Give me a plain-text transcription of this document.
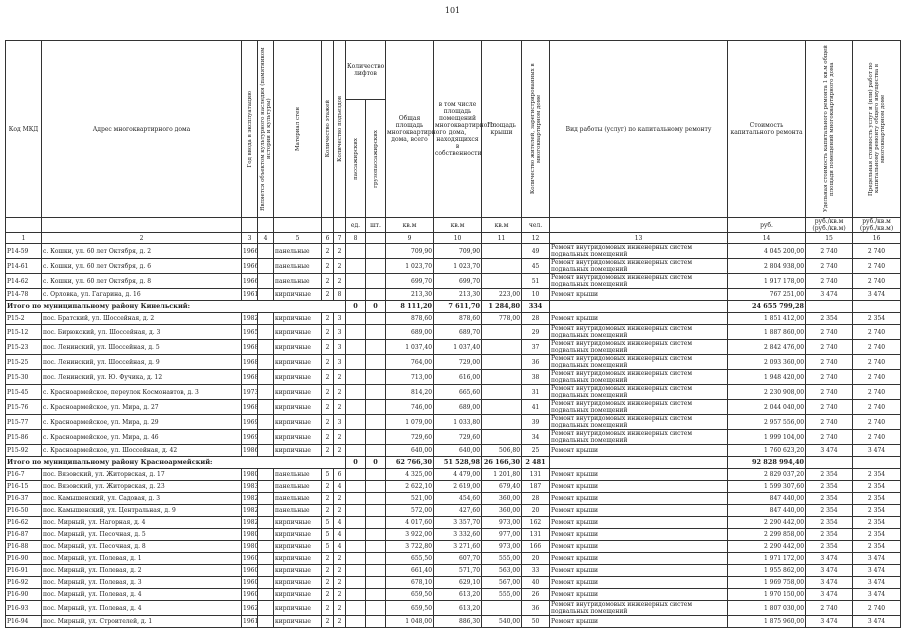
101
Код МКД	Адрес многоквартирного дома	Год ввода в эксплуатацию	Является объектом культурного наследия (памятником истории и культуры)	Материал стен	Количество этажей	Количество подъездов	Количество лифтов		Общая площадь многоквартирного дома, всего	в том числе площадь помещений многоквартирного дома, находящихся в собственности	Площадь крыши	Количество жителей, зарегистрированных в многоквартирном доме	Вид работы (услуг) по капитальному ремонту	Стоимость капитального ремонта	Удельная стоимость капитального ремонта 1 кв.м общей площади помещений многоквартирного дома	Предельная стоимость услуг и (или) работ по капитальному ремонту общего имущества в многоквартирном доме

							пассажирских	грузопассажирских								

							ед.	шт.	кв.м	кв.м	кв.м	чел.		руб.	руб./кв.м (руб./кв.м)	руб./кв.м (руб./кв.м)
1	2	3	4	5	6	7	8		9	10	11	12	13	14	15	16
Р14-59	с. Кошки, ул. 60 лет Октября, д. 2	1966		панельные	2	2			709,90	709,90		49	Ремонт внутридомовых инженерных систем подвальных помещений	4 045 200,00	2 740	2 740
Р14-61	с. Кошки, ул. 60 лет Октября, д. 6	1966		панельные	2	2			1 023,70	1 023,70		45	Ремонт внутридомовых инженерных систем подвальных помещений	2 804 938,00	2 740	2 740
Р14-62	с. Кошки, ул. 60 лет Октября, д. 8	1966		панельные	2	2			699,70	699,70		51	Ремонт внутридомовых инженерных систем подвальных помещений	1 917 178,00	2 740	2 740
Р14-78	с. Орловка, ул. Гагарина, д. 16	1961		кирпичные	2	8			213,30	213,30	223,00	10	Ремонт крыши	767 251,00	3 474	3 474
Итого по муниципальному району Кинельский:							0	0	8 111,20	7 611,70	1 284,80	334		24 655 799,28		
Р15-2	пос. Братский, ул. Шоссейная, д. 2	1982		кирпичные	2	3			878,60	878,60	778,00	28	Ремонт крыши	1 851 412,00	2 354	2 354
Р15-12	пос. Бирюкский, ул. Шоссейная, д. 3	1965		кирпичные	2	3			689,00	689,70		29	Ремонт внутридомовых инженерных систем подвальных помещений	1 887 860,00	2 740	2 740
Р15-23	пос. Ленинский, ул. Шоссейная, д. 5	1968		кирпичные	2	3			1 037,40	1 037,40		37	Ремонт внутридомовых инженерных систем подвальных помещений	2 842 476,00	2 740	2 740
Р15-25	пос. Ленинский, ул. Шоссейная, д. 9	1968		кирпичные	2	3			764,00	729,00		36	Ремонт внутридомовых инженерных систем подвальных помещений	2 093 360,00	2 740	2 740
Р15-30	пос. Ленинский, ул. Ю. Фучика, д. 12	1968		кирпичные	2	2			713,00	616,00		38	Ремонт внутридомовых инженерных систем подвальных помещений	1 948 420,00	2 740	2 740
Р15-45	с. Красноармейское, переулок Космонавтов, д. 3	1973		кирпичные	2	2			814,20	665,60		31	Ремонт внутридомовых инженерных систем подвальных помещений	2 230 908,00	2 740	2 740
Р15-76	с. Красноармейское, ул. Мира, д. 27	1968		кирпичные	2	2			746,00	689,00		41	Ремонт внутридомовых инженерных систем подвальных помещений	2 044 040,00	2 740	2 740
Р15-77	с. Красноармейское, ул. Мира, д. 29	1969		кирпичные	2	3			1 079,00	1 033,80		39	Ремонт внутридомовых инженерных систем подвальных помещений	2 957 556,00	2 740	2 740
Р15-86	с. Красноармейское, ул. Мира, д. 46	1969		кирпичные	2	2			729,60	729,60		34	Ремонт внутридомовых инженерных систем подвальных помещений	1 999 104,00	2 740	2 740
Р15-92	с. Красноармейское, ул. Шоссейная, д. 42	1986		кирпичные	2	2			640,00	640,00	506,80	25	Ремонт крыши	1 760 623,20	3 474	3 474
Итого по муниципальному району Красноармейский:							0	0	62 766,30	51 528,98	26 166,30	2 481		92 828 994,40		
Р16-7	пос. Вязовский, ул. Житорвская, д. 17	1980		панельные	5	6			4 325,00	4 479,00	1 201,80	131	Ремонт крыши	2 829 037,20	2 354	2 354
Р16-15	пос. Вязовский, ул. Житорвская, д. 23	1983		панельные	2	4			2 622,10	2 619,00	679,40	187	Ремонт крыши	1 599 307,60	2 354	2 354
Р16-37	пос. Камышенский, ул. Садовая, д. 3	1982		панельные	2	2			521,00	454,60	360,00	28	Ремонт крыши	847 440,00	2 354	2 354
Р16-50	пос. Камышенский, ул. Центральная, д. 9	1982		панельные	2	2			572,00	427,60	360,00	20	Ремонт крыши	847 440,00	2 354	2 354
Р16-62	пос. Мирный, ул. Нагорная, д. 4	1982		кирпичные	5	4			4 017,60	3 357,70	973,00	162	Ремонт крыши	2 290 442,00	2 354	2 354
Р16-87	пос. Мирный, ул. Песочная, д. 5	1980		кирпичные	5	4			3 922,00	3 332,60	977,00	131	Ремонт крыши	2 299 858,00	2 354	2 354
Р16-88	пос. Мирный, ул. Песочная, д. 8	1980		кирпичные	5	4			3 722,80	3 271,60	973,00	166	Ремонт крыши	2 290 442,00	2 354	2 354
Р16-90	пос. Мирный, ул. Полевая, д. 1	1960		кирпичные	2	2			655,50	607,70	555,00	20	Ремонт крыши	1 971 172,00	3 474	3 474
Р16-91	пос. Мирный, ул. Полевая, д. 2	1960		кирпичные	2	2			661,40	571,70	563,00	33	Ремонт крыши	1 955 862,00	3 474	3 474
Р16-92	пос. Мирный, ул. Полевая, д. 3	1960		кирпичные	2	2			678,10	629,10	567,00	40	Ремонт крыши	1 969 758,00	3 474	3 474
Р16-90	пос. Мирный, ул. Полевая, д. 4	1960		кирпичные	2	2			659,50	613,20	555,00	26	Ремонт крыши	1 970 150,00	3 474	3 474
Р16-93	пос. Мирный, ул. Полевая, д. 4	1962		кирпичные	2	2			659,50	613,20		36	Ремонт внутридомовых инженерных систем подвальных помещений	1 807 030,00	2 740	2 740
Р16-94	пос. Мирный, ул. Строителей, д. 1	1961		кирпичные	2	2			1 048,00	886,30	540,00	50	Ремонт крыши	1 875 960,00	3 474	3 474
